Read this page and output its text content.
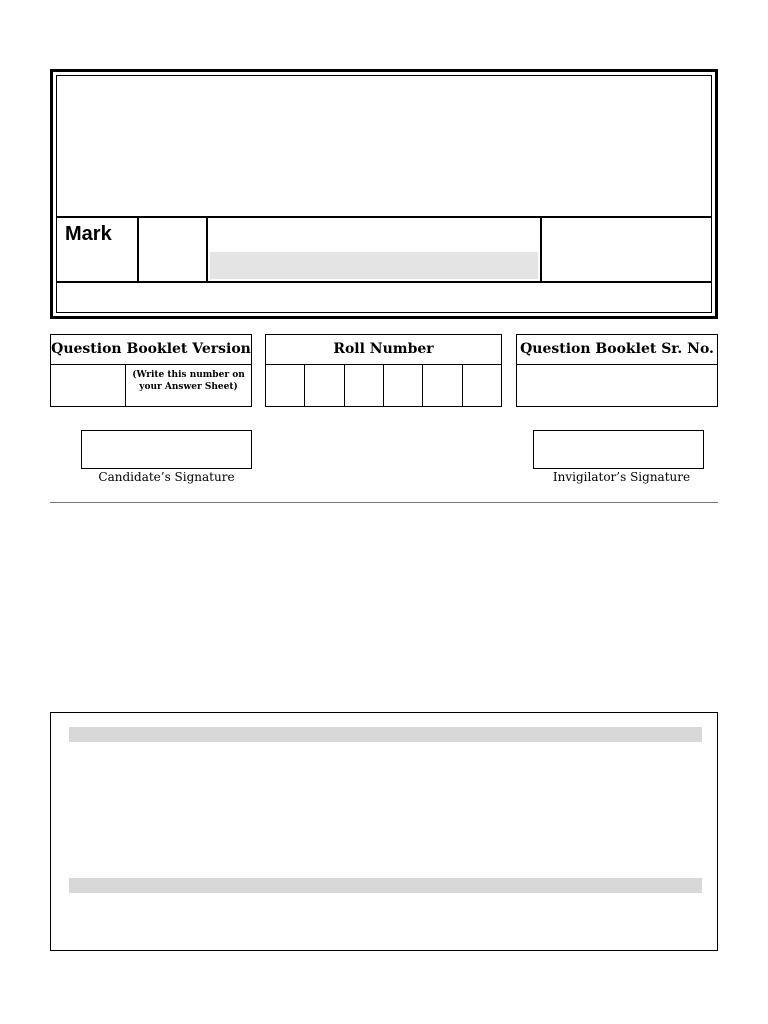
Mark
Question Booklet Version
(Write this number on
your Answer Sheet)
Roll Number	Question Booklet Sr. No.
Candidate’s Signature	Invigilator’s Signature
